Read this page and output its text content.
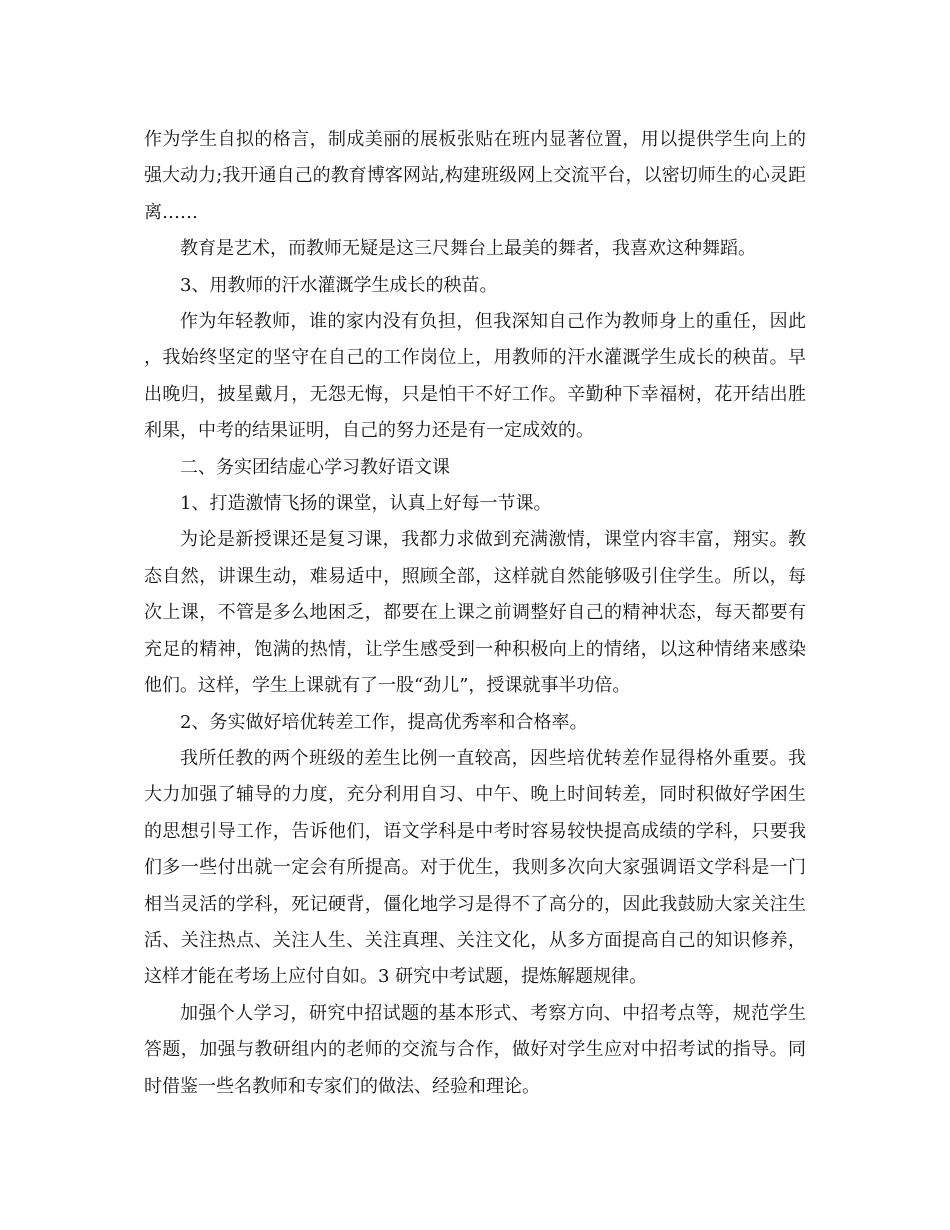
作为学生自拟的格言，制成美丽的展板张贴在班内显著位置，用以提供学生向上的强大动力;我开通自己的教育博客网站,构建班级网上交流平台，以密切师生的心灵距离……

教育是艺术，而教师无疑是这三尺舞台上最美的舞者，我喜欢这种舞蹈。

3、用教师的汗水灌溉学生成长的秧苗。

作为年轻教师，谁的家内没有负担，但我深知自己作为教师身上的重任，因此，我始终坚定的坚守在自己的工作岗位上，用教师的汗水灌溉学生成长的秧苗。早出晚归，披星戴月，无怨无悔，只是怕干不好工作。辛勤种下幸福树，花开结出胜利果，中考的结果证明，自己的努力还是有一定成效的。

二、务实团结虚心学习教好语文课

1、打造激情飞扬的课堂，认真上好每一节课。

为论是新授课还是复习课，我都力求做到充满激情，课堂内容丰富，翔实。教态自然，讲课生动，难易适中，照顾全部，这样就自然能够吸引住学生。所以，每次上课，不管是多么地困乏，都要在上课之前调整好自己的精神状态，每天都要有充足的精神，饱满的热情，让学生感受到一种积极向上的情绪，以这种情绪来感染他们。这样，学生上课就有了一股“劲儿”，授课就事半功倍。

2、务实做好培优转差工作，提高优秀率和合格率。

我所任教的两个班级的差生比例一直较高，因些培优转差作显得格外重要。我大力加强了辅导的力度，充分利用自习、中午、晚上时间转差，同时积做好学困生的思想引导工作，告诉他们，语文学科是中考时容易较快提高成绩的学科，只要我们多一些付出就一定会有所提高。对于优生，我则多次向大家强调语文学科是一门相当灵活的学科，死记硬背，僵化地学习是得不了高分的，因此我鼓励大家关注生活、关注热点、关注人生、关注真理、关注文化，从多方面提高自己的知识修养，这样才能在考场上应付自如。3 研究中考试题，提炼解题规律。

加强个人学习，研究中招试题的基本形式、考察方向、中招考点等，规范学生答题，加强与教研组内的老师的交流与合作，做好对学生应对中招考试的指导。同时借鉴一些名教师和专家们的做法、经验和理论。
